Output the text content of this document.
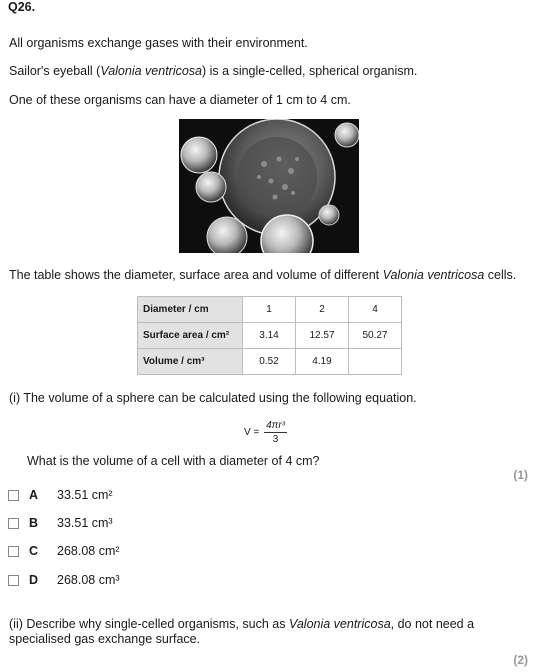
Q26.
All organisms exchange gases with their environment.
Sailor's eyeball (Valonia ventricosa) is a single-celled, spherical organism.
One of these organisms can have a diameter of 1 cm to 4 cm.
The table shows the diameter, surface area and volume of different Valonia ventricosa cells.
Diameter / cm	1	2	4
Surface area / cm²	3.14	12.57	50.27
Volume / cm³	0.52	4.19	
(i) The volume of a sphere can be calculated using the following equation.
$V = \frac{\text{4πr³}}{3}$
What is the volume of a cell with a diameter of 4 cm?
(1)
A	33.51 cm²
B	33.51 cm³
C	268.08 cm²
D	268.08 cm³
(ii) Describe why single-celled organisms, such as Valonia ventricosa, do not need a
specialised gas exchange surface.
(2)
